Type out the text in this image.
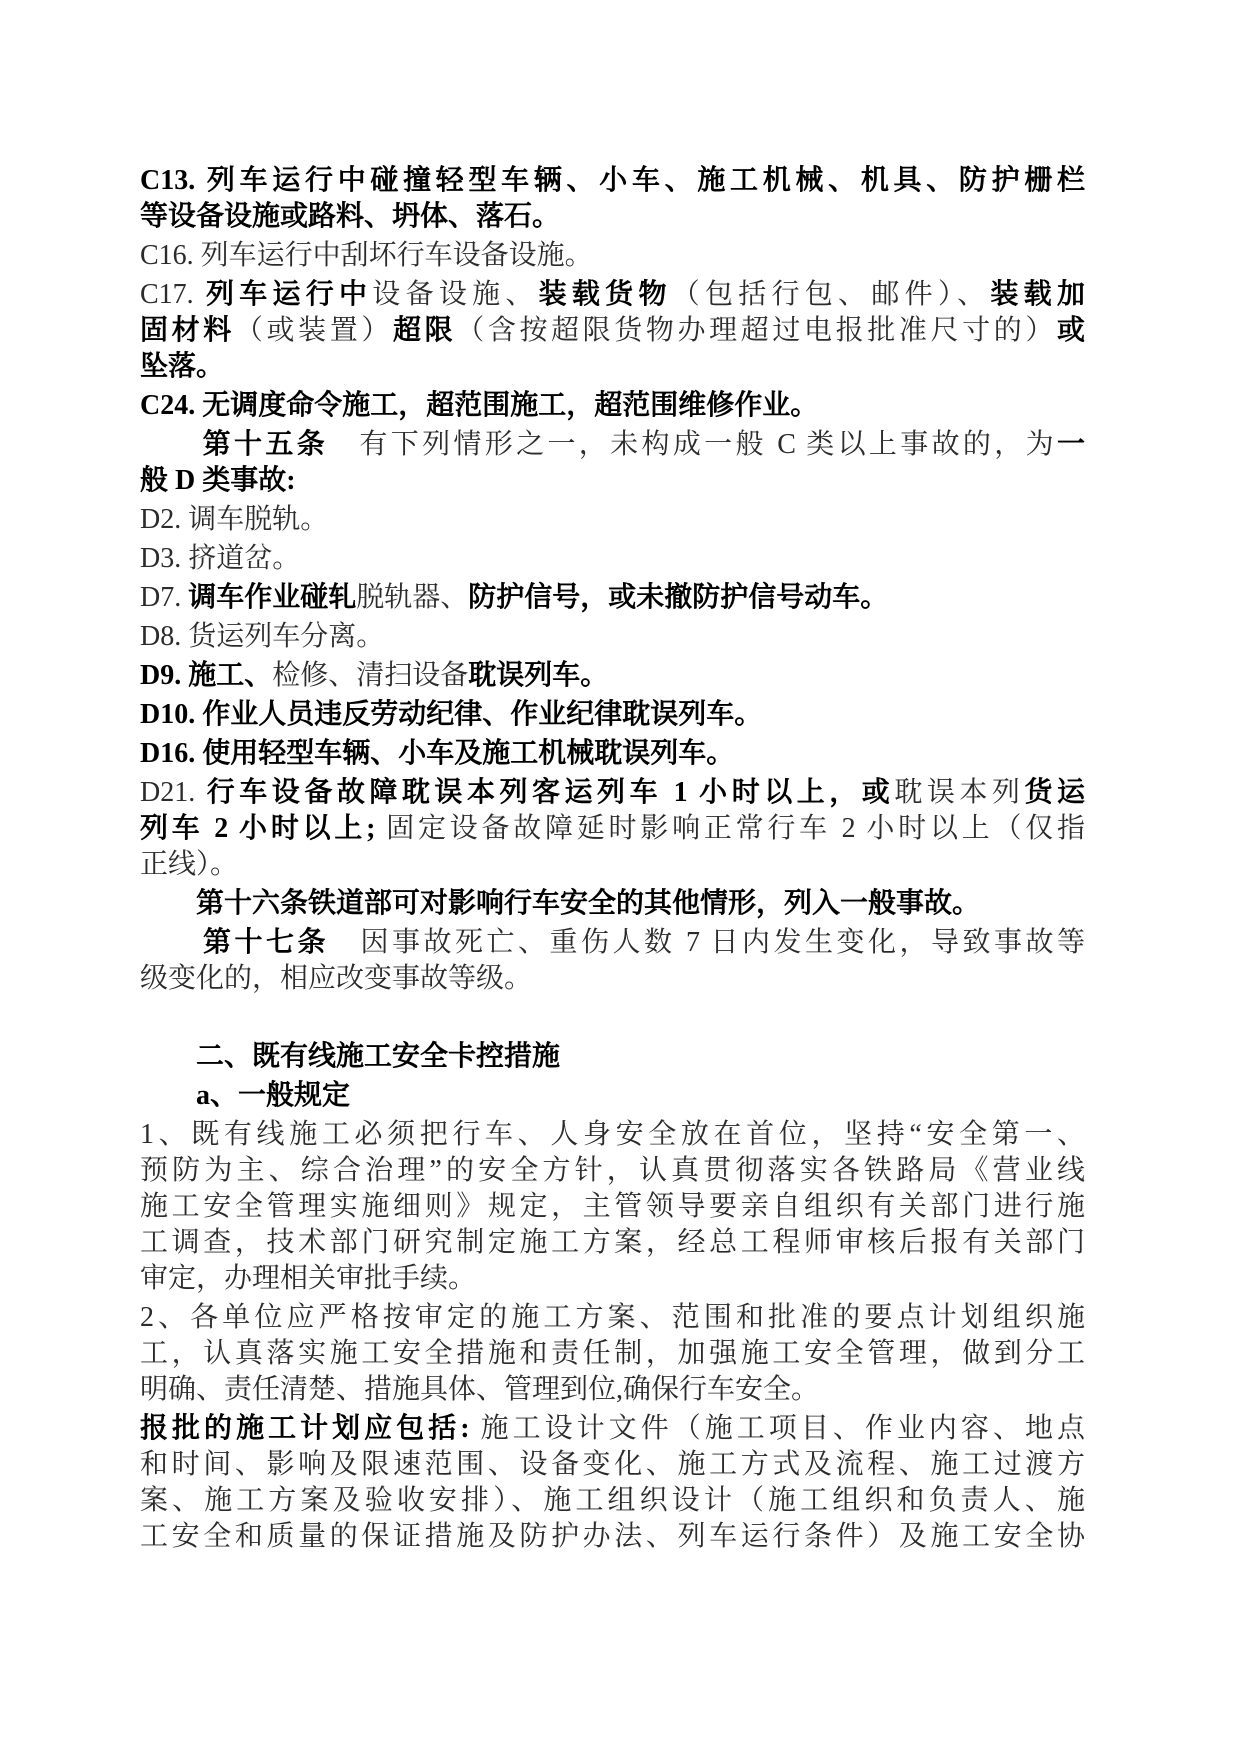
C13. 列车运行中碰撞轻型车辆、小车、施工机械、机具、防护栅栏
等设备设施或路料、坍体、落石。
C16. 列车运行中刮坏行车设备设施。
C17. 列车运行中设备设施、装载货物（包括行包、邮件）、装载加
固材料（或装置）超限（含按超限货物办理超过电报批准尺寸的）或
坠落。
C24. 无调度命令施工，超范围施工，超范围维修作业。
　　第十五条　有下列情形之一，未构成一般 C 类以上事故的，为一
般 D 类事故:
D2. 调车脱轨。
D3. 挤道岔。
D7. 调车作业碰轧脱轨器、防护信号，或未撤防护信号动车。
D8. 货运列车分离。
D9. 施工、检修、清扫设备耽误列车。
D10. 作业人员违反劳动纪律、作业纪律耽误列车。
D16. 使用轻型车辆、小车及施工机械耽误列车。
D21. 行车设备故障耽误本列客运列车 1 小时以上，或耽误本列货运
列车 2 小时以上; 固定设备故障延时影响正常行车 2 小时以上（仅指
正线）。
　　第十六条铁道部可对影响行车安全的其他情形，列入一般事故。
　　第十七条　因事故死亡、重伤人数 7 日内发生变化，导致事故等
级变化的，相应改变事故等级。

　　二、既有线施工安全卡控措施
　　a、一般规定
1、既有线施工必须把行车、人身安全放在首位，坚持“安全第一、
预防为主、综合治理”的安全方针，认真贯彻落实各铁路局《营业线
施工安全管理实施细则》规定，主管领导要亲自组织有关部门进行施
工调查，技术部门研究制定施工方案，经总工程师审核后报有关部门
审定，办理相关审批手续。
2、各单位应严格按审定的施工方案、范围和批准的要点计划组织施
工，认真落实施工安全措施和责任制，加强施工安全管理，做到分工
明确、责任清楚、措施具体、管理到位,确保行车安全。
报批的施工计划应包括: 施工设计文件（施工项目、作业内容、地点
和时间、影响及限速范围、设备变化、施工方式及流程、施工过渡方
案、施工方案及验收安排）、施工组织设计（施工组织和负责人、施
工安全和质量的保证措施及防护办法、列车运行条件）及施工安全协
